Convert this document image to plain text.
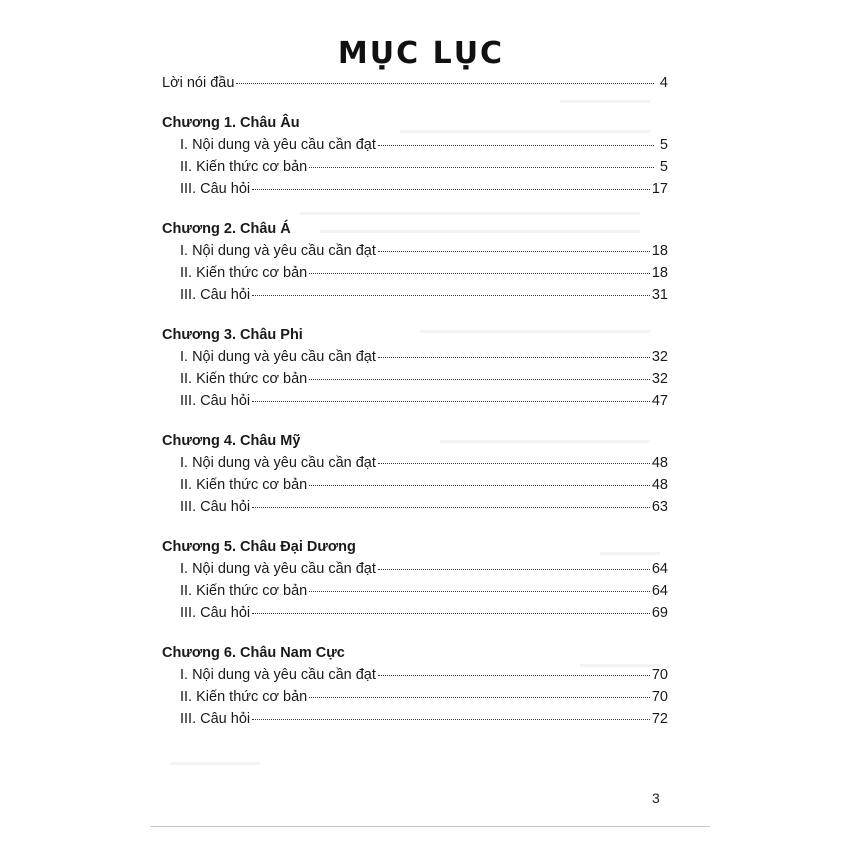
MỤC LỤC
Lời nói đầu	4
Chương 1. Châu Âu
I. Nội dung và yêu cầu cần đạt	5
II. Kiến thức cơ bản	5
III. Câu hỏi	17
Chương 2. Châu Á
I. Nội dung và yêu cầu cần đạt	18
II. Kiến thức cơ bản	18
III. Câu hỏi	31
Chương 3. Châu Phi
I. Nội dung và yêu cầu cần đạt	32
II. Kiến thức cơ bản	32
III. Câu hỏi	47
Chương 4. Châu Mỹ
I. Nội dung và yêu cầu cần đạt	48
II. Kiến thức cơ bản	48
III. Câu hỏi	63
Chương 5. Châu Đại Dương
I. Nội dung và yêu cầu cần đạt	64
II. Kiến thức cơ bản	64
III. Câu hỏi	69
Chương 6. Châu Nam Cực
I. Nội dung và yêu cầu cần đạt	70
II. Kiến thức cơ bản	70
III. Câu hỏi	72
3
